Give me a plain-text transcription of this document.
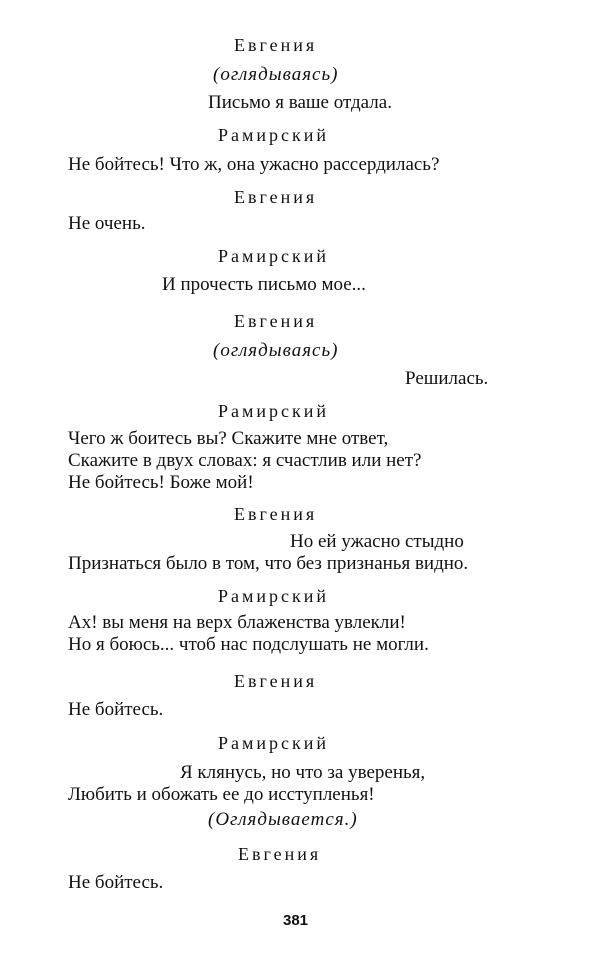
Евгения
(оглядываясь)
Письмо я ваше отдала.
Рамирский
Не бойтесь! Что ж, она ужасно рассердилась?
Евгения
Не очень.
Рамирский
И прочесть письмо мое...
Евгения
(оглядываясь)
Решилась.
Рамирский
Чего ж боитесь вы? Скажите мне ответ,
Скажите в двух словах: я счастлив или нет?
Не бойтесь! Боже мой!
Евгения
Но ей ужасно стыдно
Признаться было в том, что без признанья видно.
Рамирский
Ах! вы меня на верх блаженства увлекли!
Но я боюсь... чтоб нас подслушать не могли.
Евгения
Не бойтесь.
Рамирский
Я клянусь, но что за уверенья,
Любить и обожать ее до исступленья!
(Оглядывается.)
Евгения
Не бойтесь.
381
